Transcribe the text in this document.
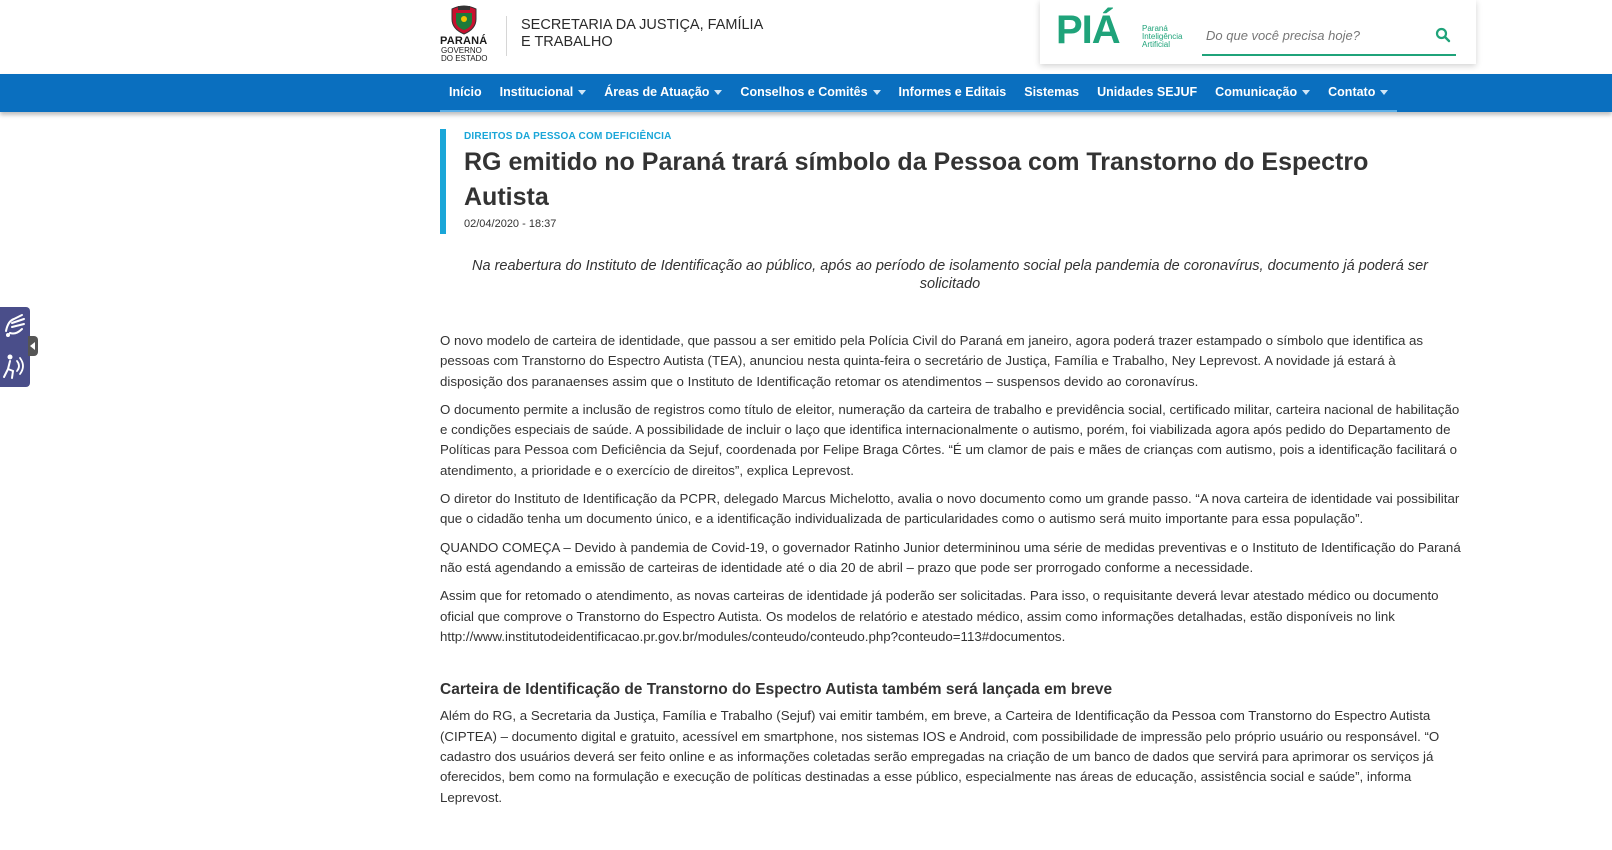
PARANÁ
GOVERNO
DO ESTADO
SECRETARIA DA JUSTIÇA, FAMÍLIA
E TRABALHO	PIÁ	Paraná
Inteligência
Artificial
Do que você precisa hoje?
Início Institucional Áreas de Atuação Conselhos e Comitês Informes e Editais Sistemas Unidades SEJUF Comunicação Contato
DIREITOS DA PESSOA COM DEFICIÊNCIA
RG emitido no Paraná trará símbolo da Pessoa com Transtorno do Espectro Autista
02/04/2020 - 18:37
Na reabertura do Instituto de Identificação ao público, após ao período de isolamento social pela pandemia de coronavírus, documento já poderá ser solicitado

O novo modelo de carteira de identidade, que passou a ser emitido pela Polícia Civil do Paraná em janeiro, agora poderá trazer estampado o símbolo que identifica as pessoas com Transtorno do Espectro Autista (TEA), anunciou nesta quinta-feira o secretário de Justiça, Família e Trabalho, Ney Leprevost. A novidade já estará à disposição dos paranaenses assim que o Instituto de Identificação retomar os atendimentos – suspensos devido ao coronavírus.

O documento permite a inclusão de registros como título de eleitor, numeração da carteira de trabalho e previdência social, certificado militar, carteira nacional de habilitação e condições especiais de saúde. A possibilidade de incluir o laço que identifica internacionalmente o autismo, porém, foi viabilizada agora após pedido do Departamento de Políticas para Pessoa com Deficiência da Sejuf, coordenada por Felipe Braga Côrtes. “É um clamor de pais e mães de crianças com autismo, pois a identificação facilitará o atendimento, a prioridade e o exercício de direitos”, explica Leprevost.

O diretor do Instituto de Identificação da PCPR, delegado Marcus Michelotto, avalia o novo documento como um grande passo. “A nova carteira de identidade vai possibilitar que o cidadão tenha um documento único, e a identificação individualizada de particularidades como o autismo será muito importante para essa população”.

QUANDO COMEÇA – Devido à pandemia de Covid-19, o governador Ratinho Junior determininou uma série de medidas preventivas e o Instituto de Identificação do Paraná não está agendando a emissão de carteiras de identidade até o dia 20 de abril – prazo que pode ser prorrogado conforme a necessidade.

Assim que for retomado o atendimento, as novas carteiras de identidade já poderão ser solicitadas. Para isso, o requisitante deverá levar atestado médico ou documento oficial que comprove o Transtorno do Espectro Autista. Os modelos de relatório e atestado médico, assim como informações detalhadas, estão disponíveis no link http://www.institutodeidentificacao.pr.gov.br/modules/conteudo/conteudo.php?conteudo=113#documentos.

Carteira de Identificação de Transtorno do Espectro Autista também será lançada em breve

Além do RG, a Secretaria da Justiça, Família e Trabalho (Sejuf) vai emitir também, em breve, a Carteira de Identificação da Pessoa com Transtorno do Espectro Autista (CIPTEA) – documento digital e gratuito, acessível em smartphone, nos sistemas IOS e Android, com possibilidade de impressão pelo próprio usuário ou responsável. “O cadastro dos usuários deverá ser feito online e as informações coletadas serão empregadas na criação de um banco de dados que servirá para aprimorar os serviços já oferecidos, bem como na formulação e execução de políticas destinadas a esse público, especialmente nas áreas de educação, assistência social e saúde”, informa Leprevost.
